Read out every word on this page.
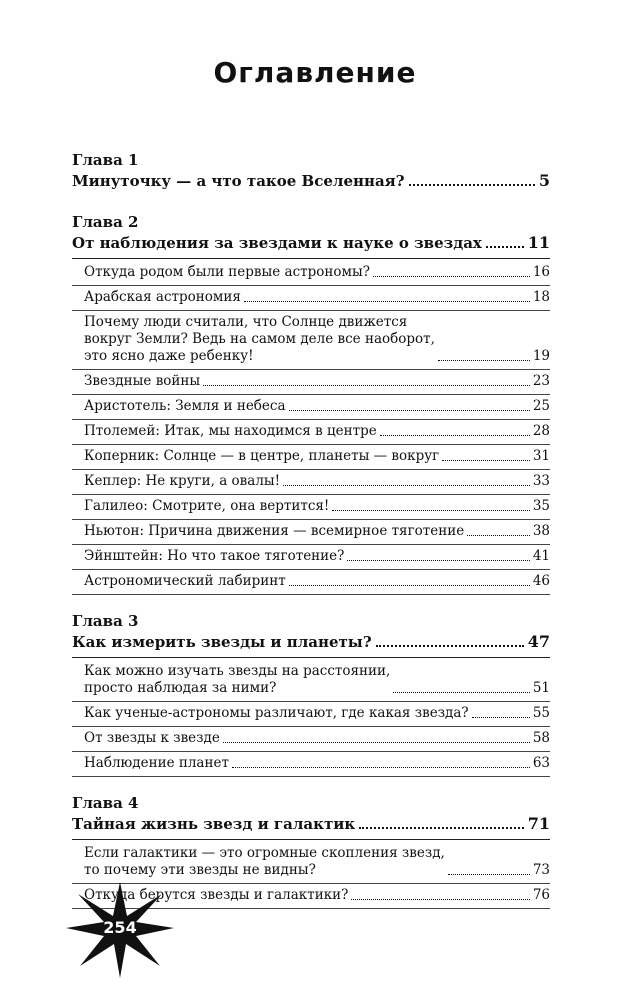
Оглавление
Глава 1
Минуточку — а что такое Вселенная?	5
Глава 2
От наблюдения за звездами к науке о звездах	11
Откуда родом были первые астрономы?	16
Арабская астрономия	18
Почему люди считали, что Солнце движется
вокруг Земли? Ведь на самом деле все наоборот,
это ясно даже ребенку!	19
Звездные войны	23
Аристотель: Земля и небеса	25
Птолемей: Итак, мы находимся в центре	28
Коперник: Солнце — в центре, планеты — вокруг	31
Кеплер: Не круги, а овалы!	33
Галилео: Смотрите, она вертится!	35
Ньютон: Причина движения — всемирное тяготение	38
Эйнштейн: Но что такое тяготение?	41
Астрономический лабиринт	46
Глава 3
Как измерить звезды и планеты?	47
Как можно изучать звезды на расстоянии,
просто наблюдая за ними?	51
Как ученые-астрономы различают, где какая звезда?	55
От звезды к звезде	58
Наблюдение планет	63
Глава 4
Тайная жизнь звезд и галактик	71
Если галактики — это огромные скопления звезд,
то почему эти звезды не видны?	73
Откуда берутся звезды и галактики?	76
254
